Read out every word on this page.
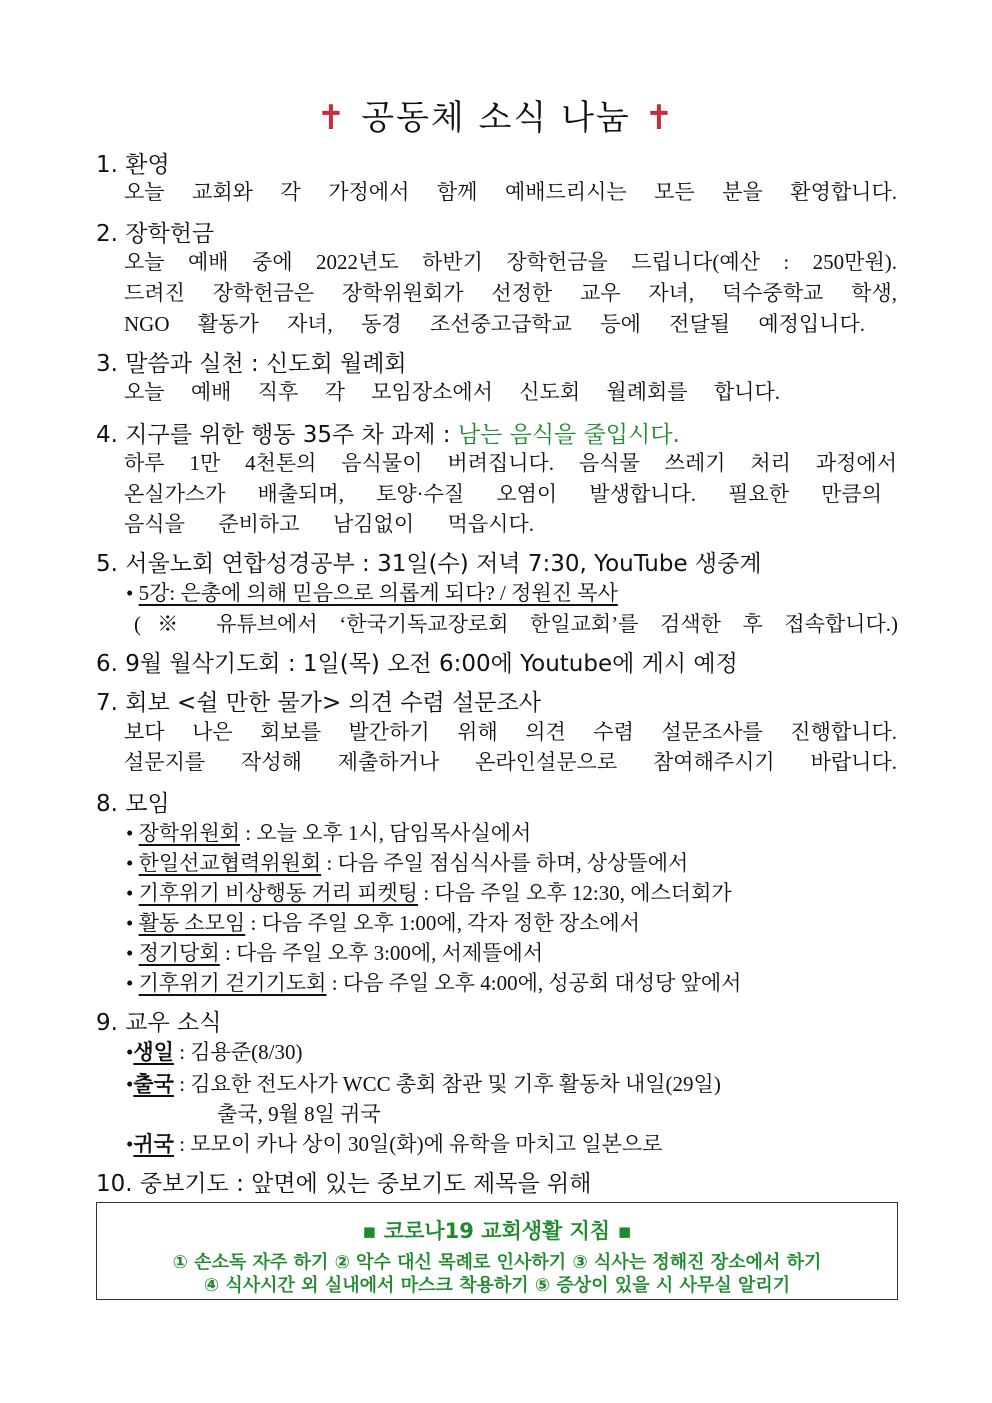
✝ 공동체 소식 나눔 ✝
1. 환영
오늘 교회와 각 가정에서 함께 예배드리시는 모든 분을 환영합니다.
2. 장학헌금
오늘 예배 중에 2022년도 하반기 장학헌금을 드립니다(예산 : 250만원).
드려진 장학헌금은 장학위원회가 선정한 교우 자녀, 덕수중학교 학생,
NGO 활동가 자녀, 동경 조선중고급학교 등에 전달될 예정입니다.
3. 말씀과 실천 : 신도회 월례회
오늘 예배 직후 각 모임장소에서 신도회 월례회를 합니다.
4. 지구를 위한 행동 35주 차 과제 : 남는 음식을 줄입시다.
하루 1만 4천톤의 음식물이 버려집니다. 음식물 쓰레기 처리 과정에서
온실가스가 배출되며, 토양·수질 오염이 발생합니다. 필요한 만큼의
음식을 준비하고 남김없이 먹읍시다.
5. 서울노회 연합성경공부 : 31일(수) 저녁 7:30, YouTube 생중계
• 5강: 은총에 의해 믿음으로 의롭게 되다? / 정원진 목사
(※ 유튜브에서 ‘한국기독교장로회 한일교회’를 검색한 후 접속합니다.)
6. 9월 월삭기도회 : 1일(목) 오전 6:00에 Youtube에 게시 예정
7. 회보 <쉴 만한 물가> 의견 수렴 설문조사
보다 나은 회보를 발간하기 위해 의견 수렴 설문조사를 진행합니다.
설문지를 작성해 제출하거나 온라인설문으로 참여해주시기 바랍니다.
8. 모임
• 장학위원회 : 오늘 오후 1시, 담임목사실에서
• 한일선교협력위원회 : 다음 주일 점심식사를 하며, 상상뜰에서
• 기후위기 비상행동 거리 피켓팅 : 다음 주일 오후 12:30, 에스더회가
• 활동 소모임 : 다음 주일 오후 1:00에, 각자 정한 장소에서
• 정기당회 : 다음 주일 오후 3:00에, 서제뜰에서
• 기후위기 걷기기도회 : 다음 주일 오후 4:00에, 성공회 대성당 앞에서
9. 교우 소식
•생일 : 김용준(8/30)
•출국 : 김요한 전도사가 WCC 총회 참관 및 기후 활동차 내일(29일)
출국, 9월 8일 귀국
•귀국 : 모모이 카나 상이 30일(화)에 유학을 마치고 일본으로
10. 중보기도 : 앞면에 있는 중보기도 제목을 위해
▪ 코로나19 교회생활 지침 ▪
① 손소독 자주 하기 ② 악수 대신 목례로 인사하기 ③ 식사는 정해진 장소에서 하기
④ 식사시간 외 실내에서 마스크 착용하기 ⑤ 증상이 있을 시 사무실 알리기
